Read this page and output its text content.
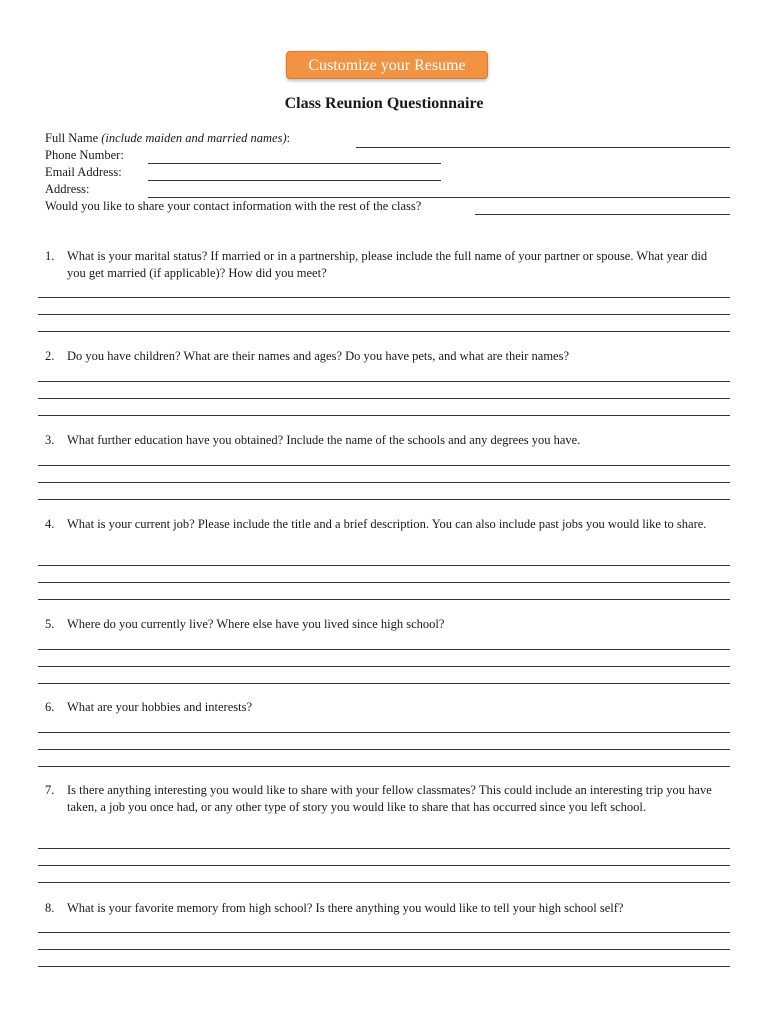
Customize your Resume
Class Reunion Questionnaire
Full Name (include maiden and married names):
Phone Number:
Email Address:
Address:
Would you like to share your contact information with the rest of the class?
1. What is your marital status? If married or in a partnership, please include the full name of your partner or spouse. What year did you get married (if applicable)? How did you meet?
2. Do you have children? What are their names and ages? Do you have pets, and what are their names?
3. What further education have you obtained? Include the name of the schools and any degrees you have.
4. What is your current job? Please include the title and a brief description. You can also include past jobs you would like to share.
5. Where do you currently live? Where else have you lived since high school?
6. What are your hobbies and interests?
7. Is there anything interesting you would like to share with your fellow classmates? This could include an interesting trip you have taken, a job you once had, or any other type of story you would like to share that has occurred since you left school.
8. What is your favorite memory from high school? Is there anything you would like to tell your high school self?
